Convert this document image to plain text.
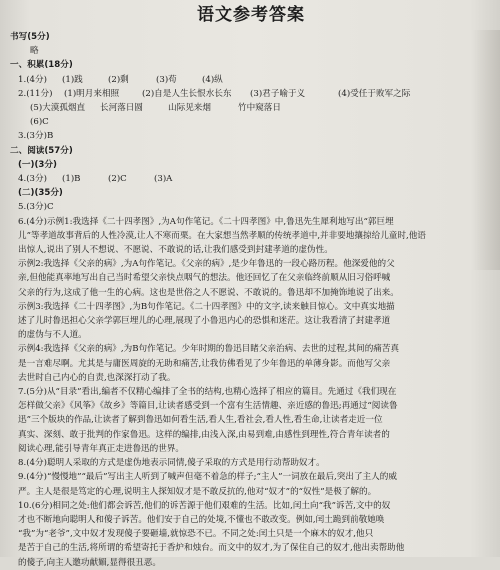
语文参考答案
书写(5分)
略
一、积累(18分)
1.(4分)	(1)践	(2)剩	(3)苟	(4)纵
2.(11分)	(1)明月来相照	(2)自是人生长恨水长东	(3)君子喻于义	(4)受任于败军之际
(5)大漠孤烟直	长河落日圆	山际见来烟	竹中窥落日
(6)C
3.(3分)B
二、阅读(57分)
(一)(3分)
4.(3分)	(1)B	(2)C	(3)A
(二)(35分)
5.(3分)C
6.(4分)示例1:我选择《二十四孝图》,为A句作笔记。《二十四孝图》中,鲁迅先生犀利地写出“郭巨埋
儿”等孝道故事背后的人性冷漠,让人不寒而栗。在大家想当然孝顺的传统孝道中,并非要地攘掠给儿童时,他语
出惊人,说出了别人不想说、不愿说、不敢说的话,让我们感受到封建孝道的虚伪性。
示例2:我选择《父亲的病》,为A句作笔记。《父亲的病》,是少年鲁迅的一段心路历程。他深爱他的父
亲,但他能真率地写出自己当时希望父亲快点咽气的想法。他还回忆了在父亲临终前顺从旧习俗呼喊
父亲的行为,这成了他一生的心病。这也是世俗之人不愿说、不敢说的。鲁迅却不加掩饰地说了出来。
示例3:我选择《二十四孝图》,为B句作笔记。《二十四孝图》中的文字,读来触目惊心。文中真实地描
述了儿时鲁迅担心父亲学郭巨埋儿的心理,展现了小鲁迅内心的恐惧和迷茫。这让我看清了封建孝道
的虚伪与不人道。
示例4:我选择《父亲的病》,为B句作笔记。少年时期的鲁迅目睹父亲治病、去世的过程,其间的痛苦真
是一言难尽啊。尤其是与庸医周旋的无助和痛苦,让我仿佛看见了少年鲁迅的单薄身影。而他写父亲
去世时自己内心的自责,也深深打动了我。
7.(5分)从“目录”看出,编者不仅精心编排了全书的结构,也精心选择了相应的篇目。先通过《我们现在
怎样做父亲》《风筝》《故乡》等篇目,让读者感受到一个富有生活情趣、亲近感的鲁迅;再通过“阅读鲁
迅”三个版块的作品,让读者了解到鲁迅如何看生活,看人生,看社会,看人性,看生命,让读者走近一位
真实、深刻、敢于批判的作家鲁迅。这样的编排,由浅入深,由易到难,由感性到理性,符合青年读者的
阅读心理,能引导青年真正走进鲁迅的世界。
8.(4分)聪明人采取的方式是虚伪地表示同情,傻子采取的方式是用行动帮助奴才。
9.(4分)“慢慢地”“最后”写出主人听到了喊声但毫不着急的样子;“主人”一词放在最后,突出了主人的威
严。主人是很是笃定的心理,说明主人探知奴才是不敢反抗的,他对“奴才”的“奴性”是极了解的。
10.(6分)相同之处:他们都会诉苦,他们的诉苦源于他们艰难的生活。比如,闰土向“我”诉苦,文中的奴
才也不断地向聪明人和傻子诉苦。他们安于自己的处境,不懂也不敢改变。例如,闰土跪到前敬她唤
“我”为“老爷”,文中奴才发现傻子要砸墙,就惊恐不已。不同之处:闰土只是一个麻木的奴才,他只
是苦于自己的生活,将所谓的希望寄托于香炉和烛台。而文中的奴才,为了保住自己的奴才,他出卖帮助他
的傻子,向主人邀功献媚,显得很丑恶。
